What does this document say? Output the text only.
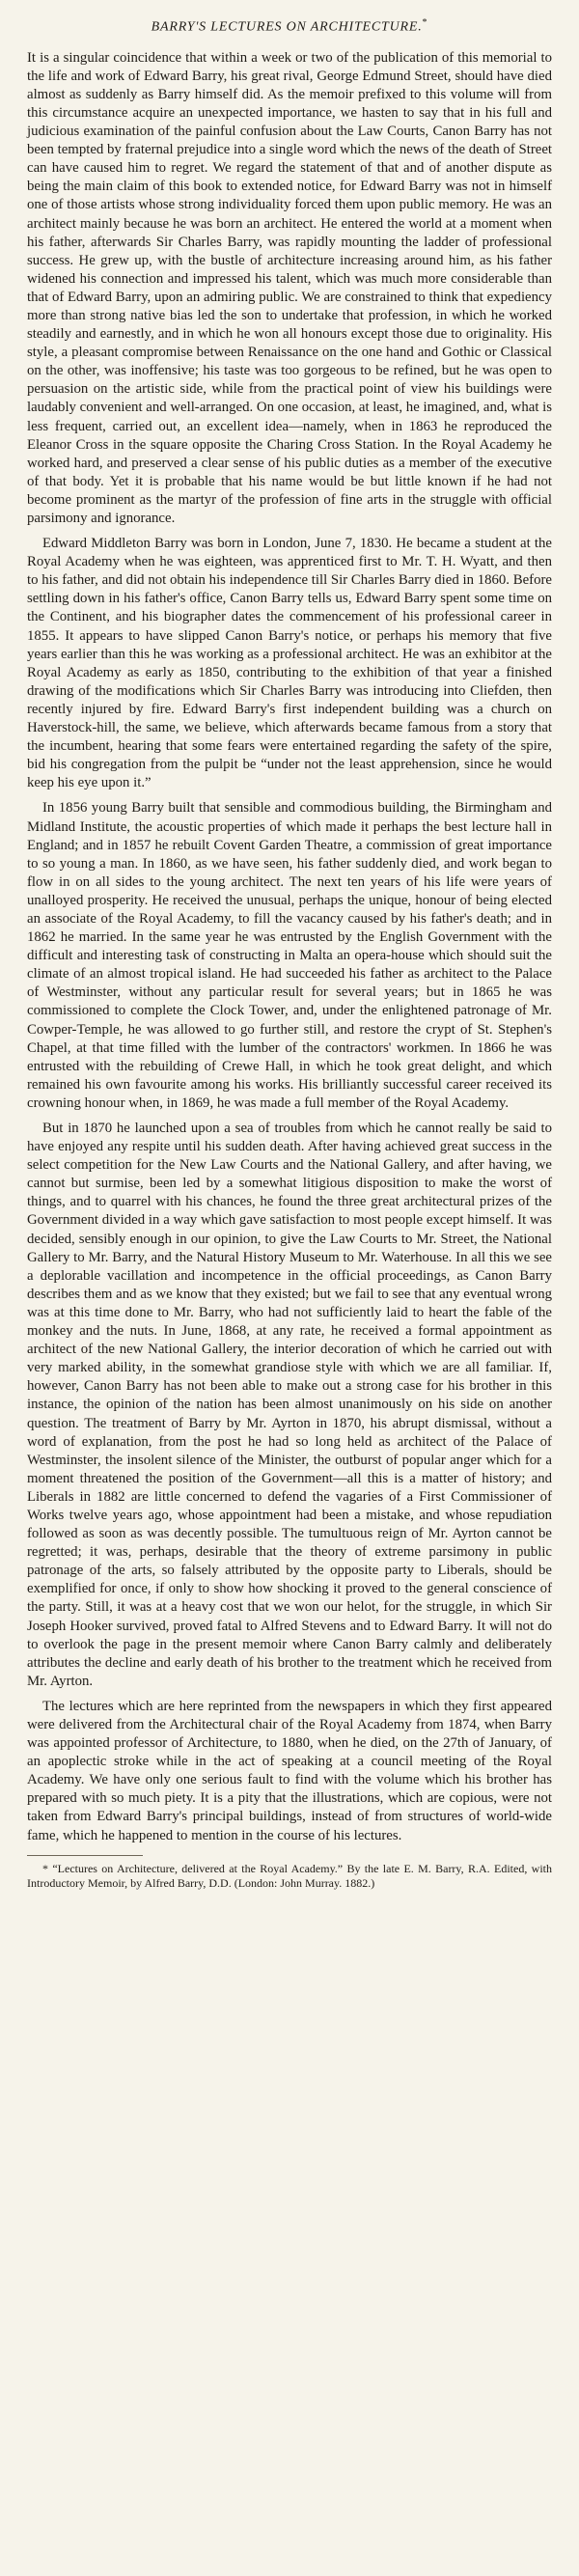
BARRY'S LECTURES ON ARCHITECTURE.*

It is a singular coincidence that within a week or two of the publication of this memorial to the life and work of Edward Barry, his great rival, George Edmund Street, should have died almost as suddenly as Barry himself did. As the memoir prefixed to this volume will from this circumstance acquire an unexpected importance, we hasten to say that in his full and judicious examination of the painful confusion about the Law Courts, Canon Barry has not been tempted by fraternal prejudice into a single word which the news of the death of Street can have caused him to regret. We regard the statement of that and of another dispute as being the main claim of this book to extended notice, for Edward Barry was not in himself one of those artists whose strong individuality forced them upon public memory. He was an architect mainly because he was born an architect. He entered the world at a moment when his father, afterwards Sir Charles Barry, was rapidly mounting the ladder of professional success. He grew up, with the bustle of architecture increasing around him, as his father widened his connection and impressed his talent, which was much more considerable than that of Edward Barry, upon an admiring public. We are constrained to think that expediency more than strong native bias led the son to undertake that profession, in which he worked steadily and earnestly, and in which he won all honours except those due to originality. His style, a pleasant compromise between Renaissance on the one hand and Gothic or Classical on the other, was inoffensive; his taste was too gorgeous to be refined, but he was open to persuasion on the artistic side, while from the practical point of view his buildings were laudably convenient and well-arranged. On one occasion, at least, he imagined, and, what is less frequent, carried out, an excellent idea—namely, when in 1863 he reproduced the Eleanor Cross in the square opposite the Charing Cross Station. In the Royal Academy he worked hard, and preserved a clear sense of his public duties as a member of the executive of that body. Yet it is probable that his name would be but little known if he had not become prominent as the martyr of the profession of fine arts in the struggle with official parsimony and ignorance.

Edward Middleton Barry was born in London, June 7, 1830. He became a student at the Royal Academy when he was eighteen, was apprenticed first to Mr. T. H. Wyatt, and then to his father, and did not obtain his independence till Sir Charles Barry died in 1860. Before settling down in his father's office, Canon Barry tells us, Edward Barry spent some time on the Continent, and his biographer dates the commencement of his professional career in 1855. It appears to have slipped Canon Barry's notice, or perhaps his memory that five years earlier than this he was working as a professional architect. He was an exhibitor at the Royal Academy as early as 1850, contributing to the exhibition of that year a finished drawing of the modifications which Sir Charles Barry was introducing into Cliefden, then recently injured by fire. Edward Barry's first independent building was a church on Haverstock-hill, the same, we believe, which afterwards became famous from a story that the incumbent, hearing that some fears were entertained regarding the safety of the spire, bid his congregation from the pulpit be “under not the least apprehension, since he would keep his eye upon it.”

In 1856 young Barry built that sensible and commodious building, the Birmingham and Midland Institute, the acoustic properties of which made it perhaps the best lecture hall in England; and in 1857 he rebuilt Covent Garden Theatre, a commission of great importance to so young a man. In 1860, as we have seen, his father suddenly died, and work began to flow in on all sides to the young architect. The next ten years of his life were years of unalloyed prosperity. He received the unusual, perhaps the unique, honour of being elected an associate of the Royal Academy, to fill the vacancy caused by his father's death; and in 1862 he married. In the same year he was entrusted by the English Government with the difficult and interesting task of constructing in Malta an opera-house which should suit the climate of an almost tropical island. He had succeeded his father as architect to the Palace of Westminster, without any particular result for several years; but in 1865 he was commissioned to complete the Clock Tower, and, under the enlightened patronage of Mr. Cowper-Temple, he was allowed to go further still, and restore the crypt of St. Stephen's Chapel, at that time filled with the lumber of the contractors' workmen. In 1866 he was entrusted with the rebuilding of Crewe Hall, in which he took great delight, and which remained his own favourite among his works. His brilliantly successful career received its crowning honour when, in 1869, he was made a full member of the Royal Academy.

But in 1870 he launched upon a sea of troubles from which he cannot really be said to have enjoyed any respite until his sudden death. After having achieved great success in the select competition for the New Law Courts and the National Gallery, and after having, we cannot but surmise, been led by a somewhat litigious disposition to make the worst of things, and to quarrel with his chances, he found the three great architectural prizes of the Government divided in a way which gave satisfaction to most people except himself. It was decided, sensibly enough in our opinion, to give the Law Courts to Mr. Street, the National Gallery to Mr. Barry, and the Natural History Museum to Mr. Waterhouse. In all this we see a deplorable vacillation and incompetence in the official proceedings, as Canon Barry describes them and as we know that they existed; but we fail to see that any eventual wrong was at this time done to Mr. Barry, who had not sufficiently laid to heart the fable of the monkey and the nuts. In June, 1868, at any rate, he received a formal appointment as architect of the new National Gallery, the interior decoration of which he carried out with very marked ability, in the somewhat grandiose style with which we are all familiar. If, however, Canon Barry has not been able to make out a strong case for his brother in this instance, the opinion of the nation has been almost unanimously on his side on another question. The treatment of Barry by Mr. Ayrton in 1870, his abrupt dismissal, without a word of explanation, from the post he had so long held as architect of the Palace of Westminster, the insolent silence of the Minister, the outburst of popular anger which for a moment threatened the position of the Government—all this is a matter of history; and Liberals in 1882 are little concerned to defend the vagaries of a First Commissioner of Works twelve years ago, whose appointment had been a mistake, and whose repudiation followed as soon as was decently possible. The tumultuous reign of Mr. Ayrton cannot be regretted; it was, perhaps, desirable that the theory of extreme parsimony in public patronage of the arts, so falsely attributed by the opposite party to Liberals, should be exemplified for once, if only to show how shocking it proved to the general conscience of the party. Still, it was at a heavy cost that we won our helot, for the struggle, in which Sir Joseph Hooker survived, proved fatal to Alfred Stevens and to Edward Barry. It will not do to overlook the page in the present memoir where Canon Barry calmly and deliberately attributes the decline and early death of his brother to the treatment which he received from Mr. Ayrton.

The lectures which are here reprinted from the newspapers in which they first appeared were delivered from the Architectural chair of the Royal Academy from 1874, when Barry was appointed professor of Architecture, to 1880, when he died, on the 27th of January, of an apoplectic stroke while in the act of speaking at a council meeting of the Royal Academy. We have only one serious fault to find with the volume which his brother has prepared with so much piety. It is a pity that the illustrations, which are copious, were not taken from Edward Barry's principal buildings, instead of from structures of world-wide fame, which he happened to mention in the course of his lectures.

* “Lectures on Architecture, delivered at the Royal Academy.” By the late E. M. Barry, R.A. Edited, with Introductory Memoir, by Alfred Barry, D.D. (London: John Murray. 1882.)
